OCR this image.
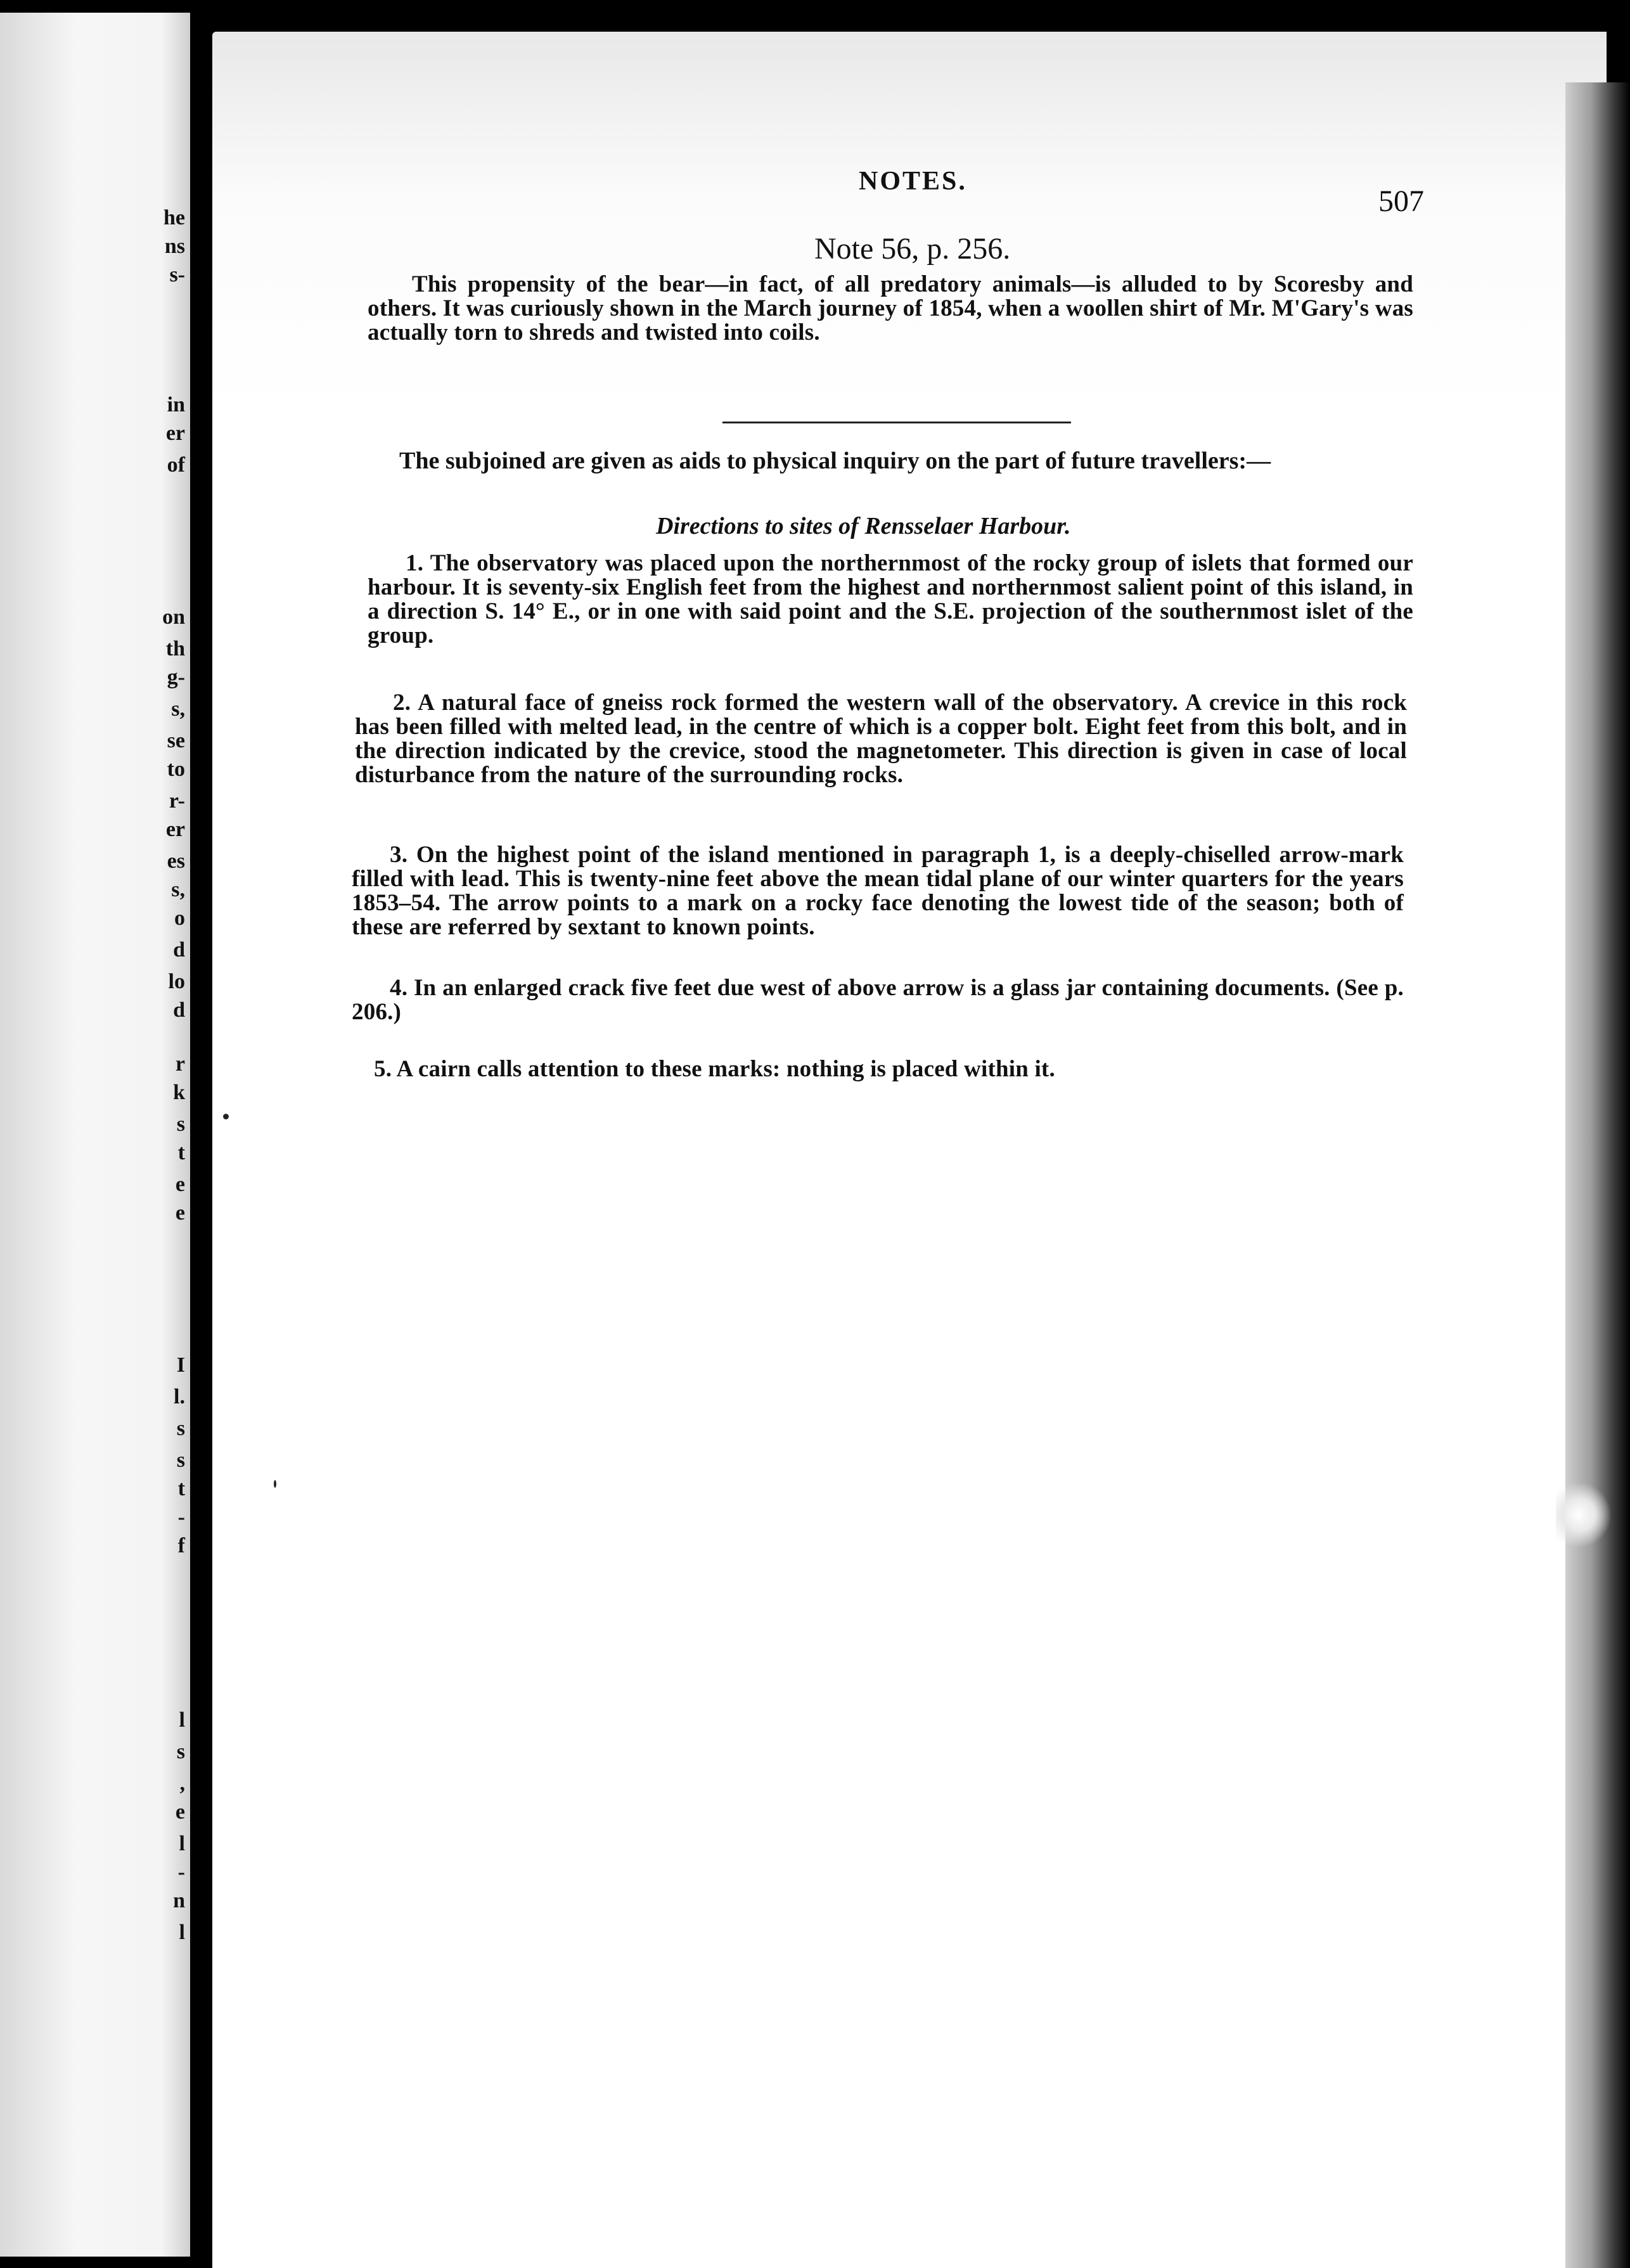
he
ns
s-
in
er
of
on
th
g-
s,
se
to
r-
er
es
s,
o
d
lo
d
r
k
s
t
e
e
I
l.
s
s
t
-
f
l
s
,
e
l
-
n
l
NOTES.
507
Note 56, p. 256.
This propensity of the bear—in fact, of all predatory animals—is alluded to by Scoresby and others. It was curiously shown in the March journey of 1854, when a woollen shirt of Mr. M'Gary's was actually torn to shreds and twisted into coils.
The subjoined are given as aids to physical inquiry on the part of future travellers:—
Directions to sites of Rensselaer Harbour.
1. The observatory was placed upon the northernmost of the rocky group of islets that formed our harbour. It is seventy-six English feet from the highest and northernmost salient point of this island, in a direction S. 14° E., or in one with said point and the S.E. projection of the southernmost islet of the group.
2. A natural face of gneiss rock formed the western wall of the observatory. A crevice in this rock has been filled with melted lead, in the centre of which is a copper bolt. Eight feet from this bolt, and in the direction indicated by the crevice, stood the magnetometer. This direction is given in case of local disturbance from the nature of the surrounding rocks.
3. On the highest point of the island mentioned in paragraph 1, is a deeply-chiselled arrow-mark filled with lead. This is twenty-nine feet above the mean tidal plane of our winter quarters for the years 1853–54. The arrow points to a mark on a rocky face denoting the lowest tide of the season; both of these are referred by sextant to known points.
4. In an enlarged crack five feet due west of above arrow is a glass jar containing documents. (See p. 206.)
5. A cairn calls attention to these marks: nothing is placed within it.
